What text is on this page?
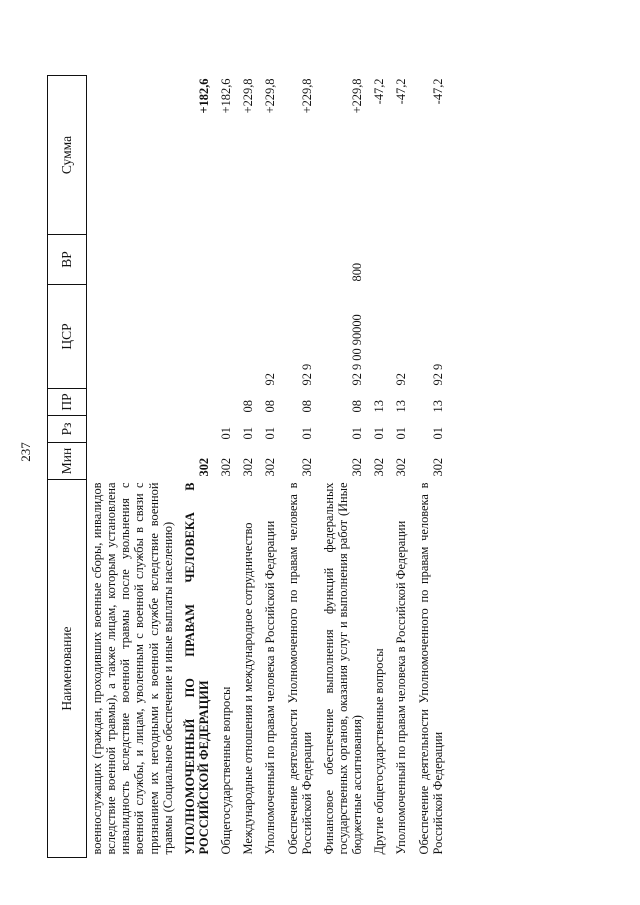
237
Наименование	Мин	Рз	ПР	ЦСР	ВР	Сумма
военнослужащих (граждан, проходивших военные сборы, инвалидов вследствие военной травмы), а также лицам, которым установлена инвалидность вследствие военной травмы после увольнения с военной службы, и лицам, уволенным с военной службы в связи с признанием их негодными к военной службе вследствие военной травмы (Социальное обеспечение и иные выплаты населению)						
УПОЛНОМОЧЕННЫЙ ПО ПРАВАМ ЧЕЛОВЕКА В РОССИЙСКОЙ ФЕДЕРАЦИИ	302					+182,6
Общегосударственные вопросы	302	01				+182,6
Международные отношения и международное сотрудничество	302	01	08			+229,8
Уполномоченный по правам человека в Российской Федерации	302	01	08	92		+229,8
Обеспечение деятельности Уполномоченного по правам человека в Российской Федерации	302	01	08	92 9		+229,8
Финансовое обеспечение выполнения функций федеральных государственных органов, оказания услуг и выполнения работ (Иные бюджетные ассигнования)	302	01	08	92 9 00 90000	800	+229,8
Другие общегосударственные вопросы	302	01	13			-47,2
Уполномоченный по правам человека в Российской Федерации	302	01	13	92		-47,2
Обеспечение деятельности Уполномоченного по правам человека в Российской Федерации	302	01	13	92 9		-47,2
